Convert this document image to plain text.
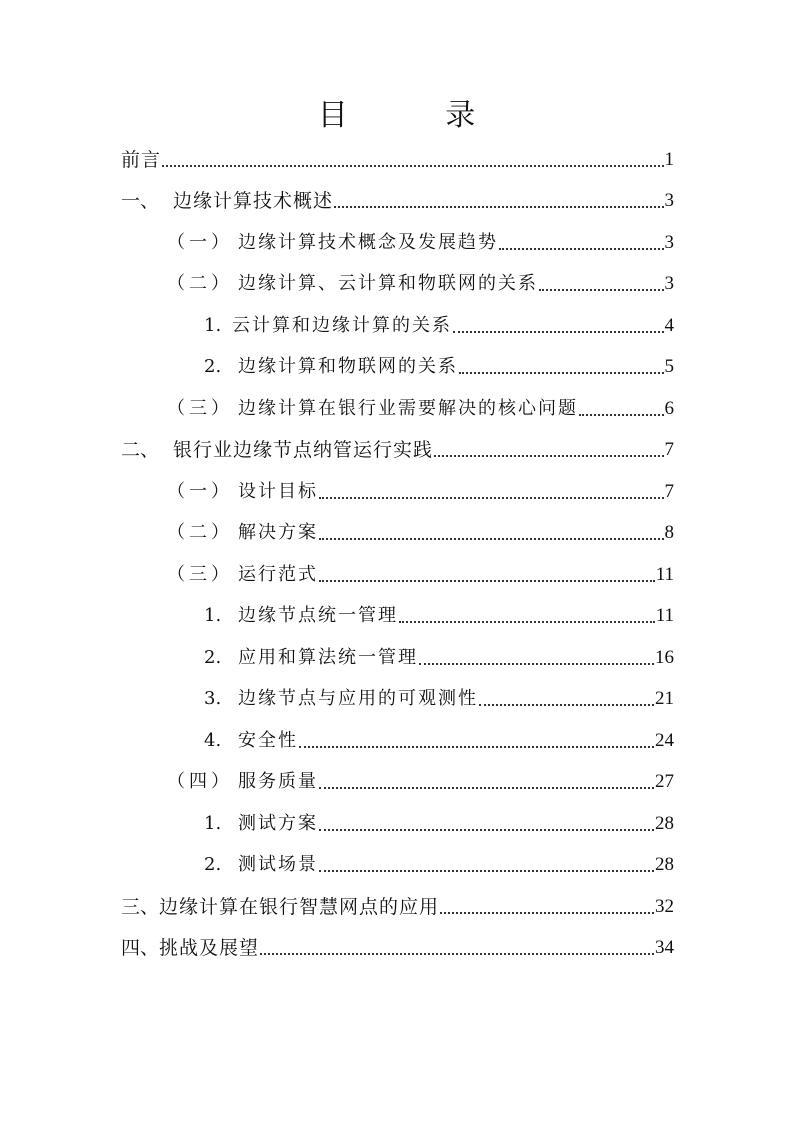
目 录
前言	1
一、 边缘计算技术概述	3
（一） 边缘计算技术概念及发展趋势	3
（二） 边缘计算、云计算和物联网的关系	3
1. 云计算和边缘计算的关系	4
2. 边缘计算和物联网的关系	5
（三） 边缘计算在银行业需要解决的核心问题	6
二、 银行业边缘节点纳管运行实践	7
（一） 设计目标	7
（二） 解决方案	8
（三） 运行范式	11
1. 边缘节点统一管理	11
2. 应用和算法统一管理	16
3. 边缘节点与应用的可观测性	21
4. 安全性	24
（四） 服务质量	27
1. 测试方案	28
2. 测试场景	28
三、 边缘计算在银行智慧网点的应用	32
四、 挑战及展望	34
